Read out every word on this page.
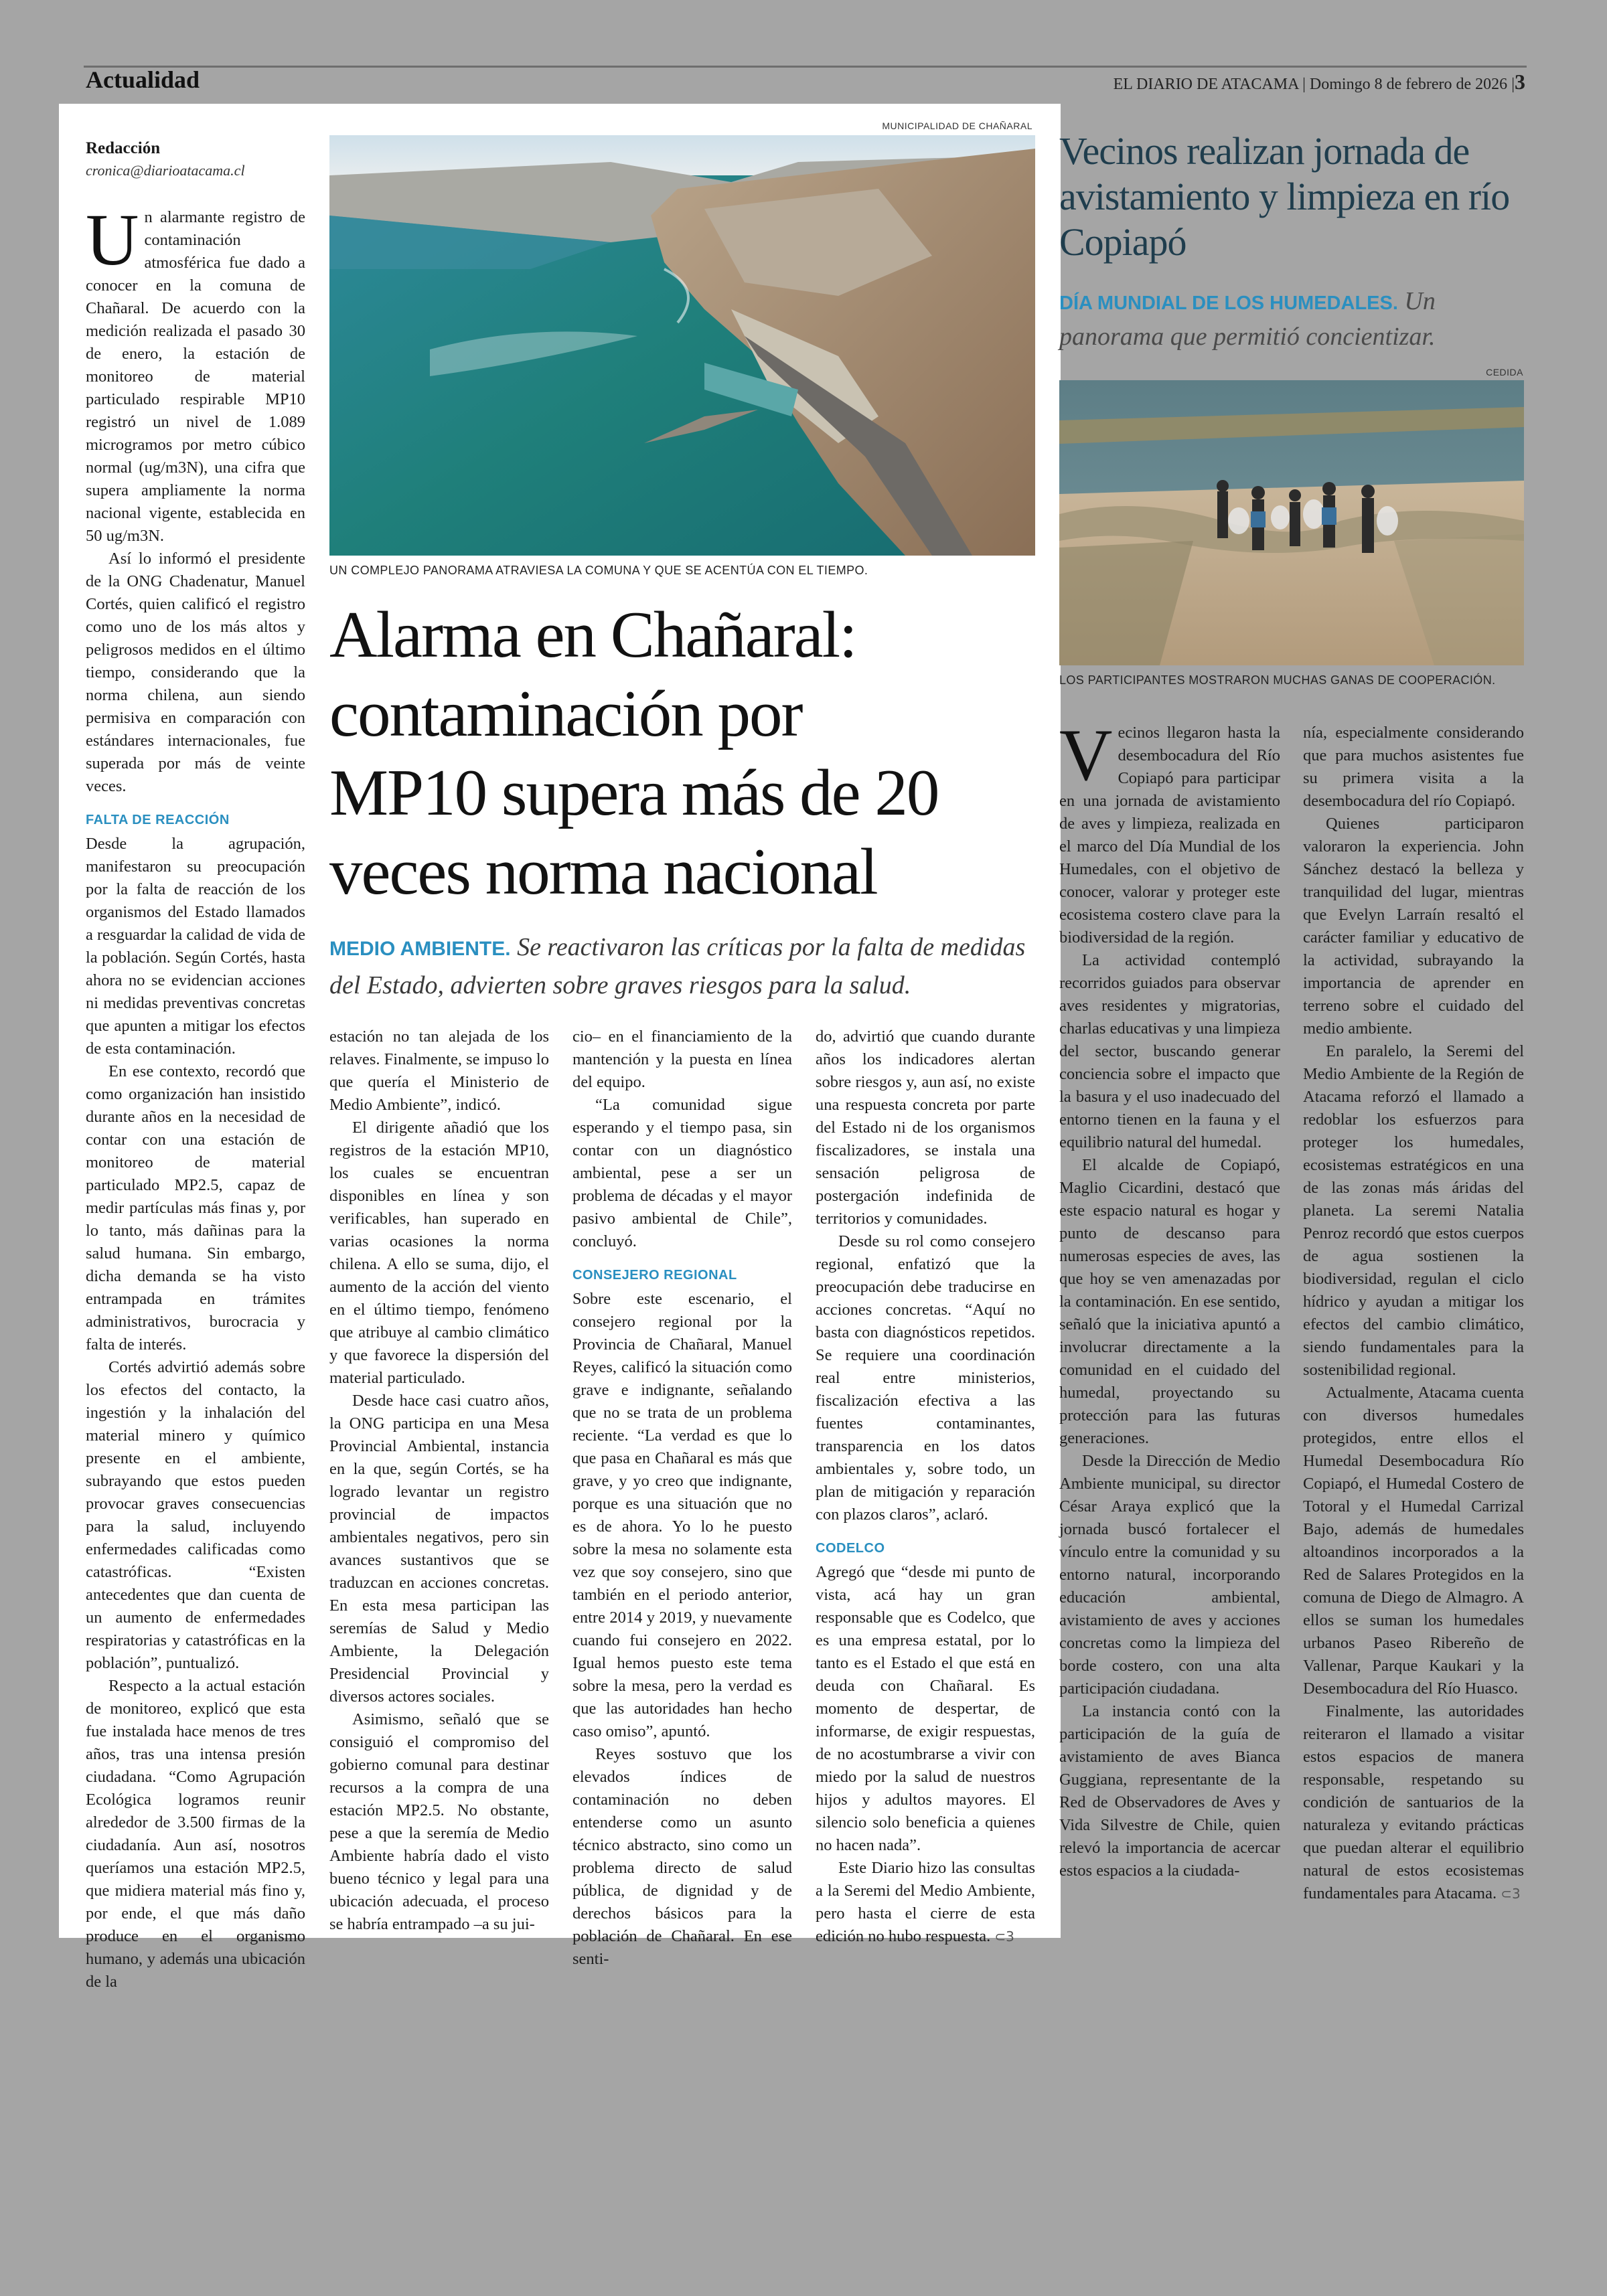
Actualidad	EL DIARIO DE ATACAMA | Domingo 8 de febrero de 2026 |3
Redacción
cronica@diarioatacama.cl
MUNICIPALIDAD DE CHAÑARAL
UN COMPLEJO PANORAMA ATRAVIESA LA COMUNA Y QUE SE ACENTÚA CON EL TIEMPO.
Alarma en Chañaral:
contaminación por
MP10 supera más de 20
veces norma nacional
MEDIO AMBIENTE. Se reactivaron las críticas por la falta de medidas del Estado, advierten sobre graves riesgos para la salud.
U n alarmante registro de contaminación atmosférica fue dado a conocer en la comuna de Chañaral. De acuerdo con la medición realizada el pasado 30 de enero, la estación de monitoreo de material particulado respirable MP10 registró un nivel de 1.089 microgramos por metro cúbico normal (ug/m3N), una cifra que supera ampliamente la norma nacional vigente, establecida en 50 ug/m3N.

Así lo informó el presidente de la ONG Chadenatur, Manuel Cortés, quien calificó el registro como uno de los más altos y peligrosos medidos en el último tiempo, considerando que la norma chilena, aun siendo permisiva en comparación con estándares internacionales, fue superada por más de veinte veces.

FALTA DE REACCIÓN

Desde la agrupación, manifestaron su preocupación por la falta de reacción de los organismos del Estado llamados a resguardar la calidad de vida de la población. Según Cortés, hasta ahora no se evidencian acciones ni medidas preventivas concretas que apunten a mitigar los efectos de esta contaminación.

En ese contexto, recordó que como organización han insistido durante años en la necesidad de contar con una estación de monitoreo de material particulado MP2.5, capaz de medir partículas más finas y, por lo tanto, más dañinas para la salud humana. Sin embargo, dicha demanda se ha visto entrampada en trámites administrativos, burocracia y falta de interés.

Cortés advirtió además sobre los efectos del contacto, la ingestión y la inhalación del material minero y químico presente en el ambiente, subrayando que estos pueden provocar graves consecuencias para la salud, incluyendo enfermedades calificadas como catastróficas. “Existen antecedentes que dan cuenta de un aumento de enfermedades respiratorias y catastróficas en la población”, puntualizó.

Respecto a la actual estación de monitoreo, explicó que esta fue instalada hace menos de tres años, tras una intensa presión ciudadana. “Como Agrupación Ecológica logramos reunir alrededor de 3.500 firmas de la ciudadanía. Aun así, nosotros queríamos una estación MP2.5, que midiera material más fino y, por ende, el que más daño produce en el organismo humano, y además una ubicación de la

estación no tan alejada de los relaves. Finalmente, se impuso lo que quería el Ministerio de Medio Ambiente”, indicó.

El dirigente añadió que los registros de la estación MP10, los cuales se encuentran disponibles en línea y son verificables, han superado en varias ocasiones la norma chilena. A ello se suma, dijo, el aumento de la acción del viento en el último tiempo, fenómeno que atribuye al cambio climático y que favorece la dispersión del material particulado.

Desde hace casi cuatro años, la ONG participa en una Mesa Provincial Ambiental, instancia en la que, según Cortés, se ha logrado levantar un registro provincial de impactos ambientales negativos, pero sin avances sustantivos que se traduzcan en acciones concretas. En esta mesa participan las seremías de Salud y Medio Ambiente, la Delegación Presidencial Provincial y diversos actores sociales.

Asimismo, señaló que se consiguió el compromiso del gobierno comunal para destinar recursos a la compra de una estación MP2.5. No obstante, pese a que la seremía de Medio Ambiente habría dado el visto bueno técnico y legal para una ubicación adecuada, el proceso se habría entrampado –a su jui-

cio– en el financiamiento de la mantención y la puesta en línea del equipo.

“La comunidad sigue esperando y el tiempo pasa, sin contar con un diagnóstico ambiental, pese a ser un problema de décadas y el mayor pasivo ambiental de Chile”, concluyó.

CONSEJERO REGIONAL

Sobre este escenario, el consejero regional por la Provincia de Chañaral, Manuel Reyes, calificó la situación como grave e indignante, señalando que no se trata de un problema reciente. “La verdad es que lo que pasa en Chañaral es más que grave, y yo creo que indignante, porque es una situación que no es de ahora. Yo lo he puesto sobre la mesa no solamente esta vez que soy consejero, sino que también en el periodo anterior, entre 2014 y 2019, y nuevamente cuando fui consejero en 2022. Igual hemos puesto este tema sobre la mesa, pero la verdad es que las autoridades han hecho caso omiso”, apuntó.

Reyes sostuvo que los elevados índices de contaminación no deben entenderse como un asunto técnico abstracto, sino como un problema directo de salud pública, de dignidad y de derechos básicos para la población de Chañaral. En ese senti-

do, advirtió que cuando durante años los indicadores alertan sobre riesgos y, aun así, no existe una respuesta concreta por parte del Estado ni de los organismos fiscalizadores, se instala una sensación peligrosa de postergación indefinida de territorios y comunidades.

Desde su rol como consejero regional, enfatizó que la preocupación debe traducirse en acciones concretas. “Aquí no basta con diagnósticos repetidos. Se requiere una coordinación real entre ministerios, fiscalización efectiva a las fuentes contaminantes, transparencia en los datos ambientales y, sobre todo, un plan de mitigación y reparación con plazos claros”, aclaró.

CODELCO

Agregó que “desde mi punto de vista, acá hay un gran responsable que es Codelco, que es una empresa estatal, por lo tanto es el Estado el que está en deuda con Chañaral. Es momento de despertar, de informarse, de exigir respuestas, de no acostumbrarse a vivir con miedo por la salud de nuestros hijos y adultos mayores. El silencio solo beneficia a quienes no hacen nada”.

Este Diario hizo las consultas a la Seremi del Medio Ambiente, pero hasta el cierre de esta edición no hubo respuesta. ⊂3

Vecinos realizan jornada de avistamiento y limpieza en río Copiapó
DÍA MUNDIAL DE LOS HUMEDALES. Un panorama que permitió concientizar.
CEDIDA
LOS PARTICIPANTES MOSTRARON MUCHAS GANAS DE COOPERACIÓN.
V ecinos llegaron hasta la desembocadura del Río Copiapó para participar en una jornada de avistamiento de aves y limpieza, realizada en el marco del Día Mundial de los Humedales, con el objetivo de conocer, valorar y proteger este ecosistema costero clave para la biodiversidad de la región.

La actividad contempló recorridos guiados para observar aves residentes y migratorias, charlas educativas y una limpieza del sector, buscando generar conciencia sobre el impacto que la basura y el uso inadecuado del entorno tienen en la fauna y el equilibrio natural del humedal.

El alcalde de Copiapó, Maglio Cicardini, destacó que este espacio natural es hogar y punto de descanso para numerosas especies de aves, las que hoy se ven amenazadas por la contaminación. En ese sentido, señaló que la iniciativa apuntó a involucrar directamente a la comunidad en el cuidado del humedal, proyectando su protección para las futuras generaciones.

Desde la Dirección de Medio Ambiente municipal, su director César Araya explicó que la jornada buscó fortalecer el vínculo entre la comunidad y su entorno natural, incorporando educación ambiental, avistamiento de aves y acciones concretas como la limpieza del borde costero, con una alta participación ciudadana.

La instancia contó con la participación de la guía de avistamiento de aves Bianca Guggiana, representante de la Red de Observadores de Aves y Vida Silvestre de Chile, quien relevó la importancia de acercar estos espacios a la ciudada-

nía, especialmente considerando que para muchos asistentes fue su primera visita a la desembocadura del río Copiapó.

Quienes participaron valoraron la experiencia. John Sánchez destacó la belleza y tranquilidad del lugar, mientras que Evelyn Larraín resaltó el carácter familiar y educativo de la actividad, subrayando la importancia de aprender en terreno sobre el cuidado del medio ambiente.

En paralelo, la Seremi del Medio Ambiente de la Región de Atacama reforzó el llamado a redoblar los esfuerzos para proteger los humedales, ecosistemas estratégicos en una de las zonas más áridas del planeta. La seremi Natalia Penroz recordó que estos cuerpos de agua sostienen la biodiversidad, regulan el ciclo hídrico y ayudan a mitigar los efectos del cambio climático, siendo fundamentales para la sostenibilidad regional.

Actualmente, Atacama cuenta con diversos humedales protegidos, entre ellos el Humedal Desembocadura Río Copiapó, el Humedal Costero de Totoral y el Humedal Carrizal Bajo, además de humedales altoandinos incorporados a la Red de Salares Protegidos en la comuna de Diego de Almagro. A ellos se suman los humedales urbanos Paseo Ribereño de Vallenar, Parque Kaukari y la Desembocadura del Río Huasco.

Finalmente, las autoridades reiteraron el llamado a visitar estos espacios de manera responsable, respetando su condición de santuarios de la naturaleza y evitando prácticas que puedan alterar el equilibrio natural de estos ecosistemas fundamentales para Atacama. ⊂3
